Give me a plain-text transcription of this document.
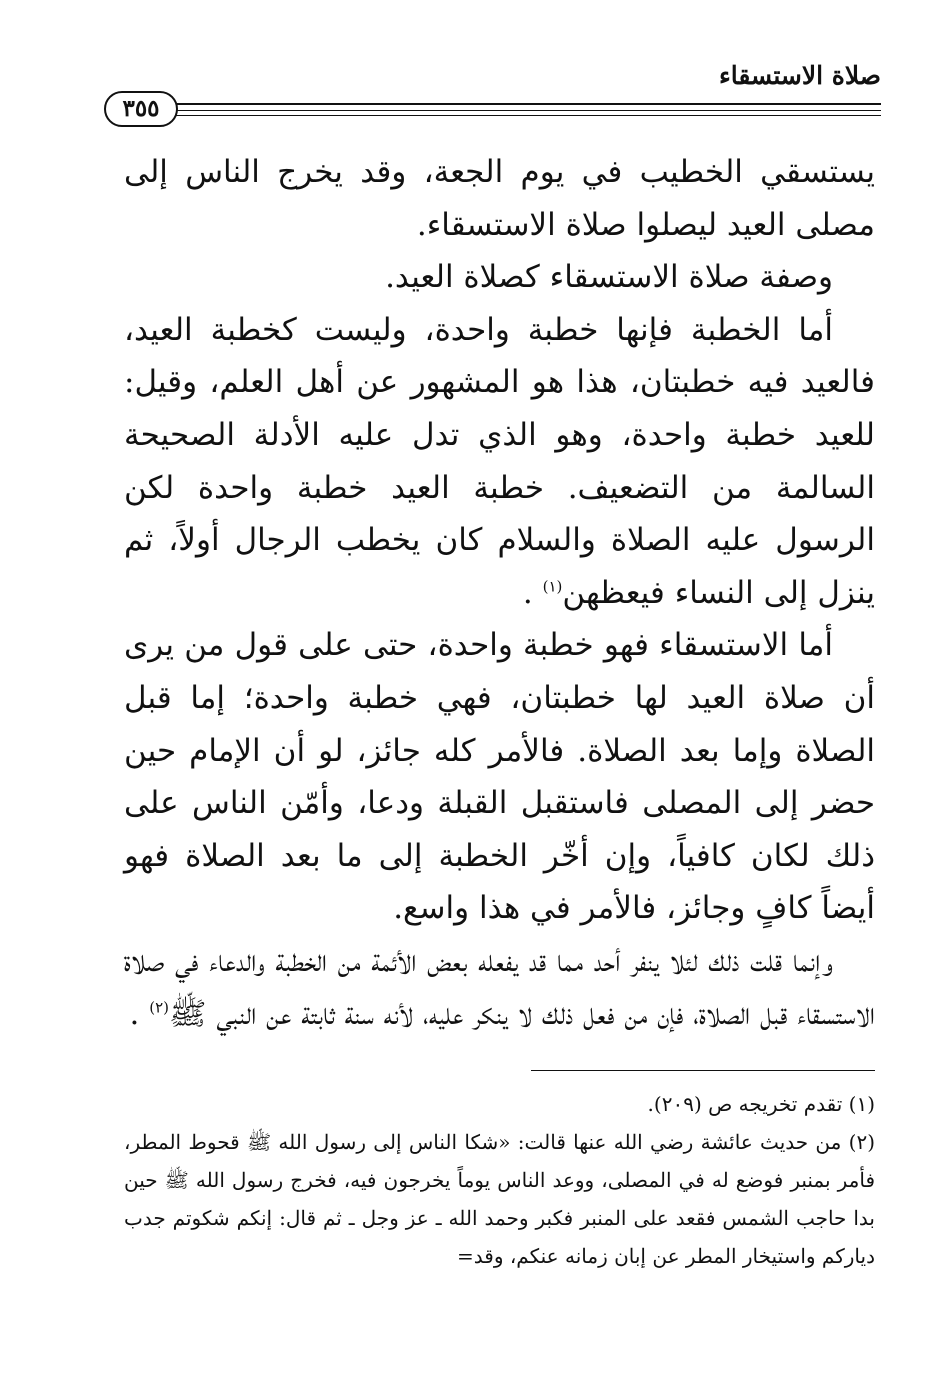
صلاة الاستسقاء
٣٥٥

يستسقي الخطيب في يوم الجعة، وقد يخرج الناس إلى مصلى العيد ليصلوا صلاة الاستسقاء.

وصفة صلاة الاستسقاء كصلاة العيد.

أما الخطبة فإنها خطبة واحدة، وليست كخطبة العيد، فالعيد فيه خطبتان، هذا هو المشهور عن أهل العلم، وقيل: للعيد خطبة واحدة، وهو الذي تدل عليه الأدلة الصحيحة السالمة من التضعيف. خطبة العيد خطبة واحدة لكن الرسول عليه الصلاة والسلام كان يخطب الرجال أولاً، ثم ينزل إلى النساء فيعظهن$^{(١)}$ .

أما الاستسقاء فهو خطبة واحدة، حتى على قول من يرى أن صلاة العيد لها خطبتان، فهي خطبة واحدة؛ إما قبل الصلاة وإما بعد الصلاة. فالأمر كله جائز، لو أن الإمام حين حضر إلى المصلى فاستقبل القبلة ودعا، وأمّن الناس على ذلك لكان كافياً، وإن أخّر الخطبة إلى ما بعد الصلاة فهو أيضاً كافٍ وجائز، فالأمر في هذا واسع.

وإنما قلت ذلك لئلا ينفر أحد مما قد يفعله بعض الأئمة من الخطبة والدعاء في صلاة الاستسقاء قبل الصلاة، فإن من فعل ذلك لا ينكر عليه، لأنه سنة ثابتة عن النبي ﷺ$^{(٢)}$ .

(١) تقدم تخريجه ص (٢٠٩).

(٢) من حديث عائشة رضي الله عنها قالت: «شكا الناس إلى رسول الله ﷺ قحوط المطر، فأمر بمنبر فوضع له في المصلى، ووعد الناس يوماً يخرجون فيه، فخرج رسول الله ﷺ حين بدا حاجب الشمس فقعد على المنبر فكبر وحمد الله ـ عز وجل ـ ثم قال: إنكم شكوتم جدب دياركم واستيخار المطر عن إبان زمانه عنكم، وقد=
